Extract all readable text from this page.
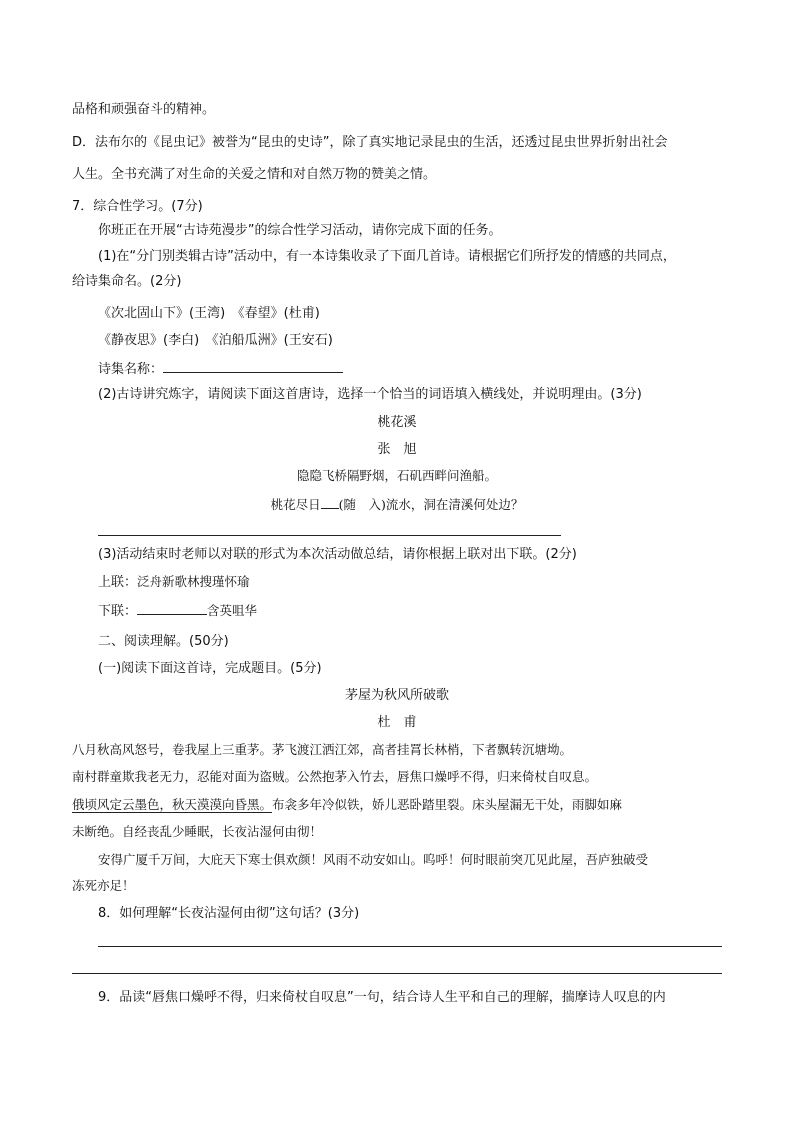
品格和顽强奋斗的精神。
D．法布尔的《昆虫记》被誉为“昆虫的史诗”，除了真实地记录昆虫的生活，还透过昆虫世界折射出社会
人生。全书充满了对生命的关爱之情和对自然万物的赞美之情。
7．综合性学习。(7分)
你班正在开展“古诗苑漫步”的综合性学习活动，请你完成下面的任务。
(1)在“分门别类辑古诗”活动中，有一本诗集收录了下面几首诗。请根据它们所抒发的情感的共同点，
给诗集命名。(2分)
《次北固山下》(王湾)　《春望》(杜甫)
《静夜思》(李白)　《泊船瓜洲》(王安石)
诗集名称：
(2)古诗讲究炼字，请阅读下面这首唐诗，选择一个恰当的词语填入横线处，并说明理由。(3分)
桃花溪
张　旭
隐隐飞桥隔野烟，石矶西畔问渔船。
桃花尽日 (随　入)流水，洞在清溪何处边？
(3)活动结束时老师以对联的形式为本次活动做总结，请你根据上联对出下联。(2分)
上联：泛舟新歌林搜瑾怀瑜
下联：	含英咀华
二、阅读理解。(50分)
(一)阅读下面这首诗，完成题目。(5分)
茅屋为秋风所破歌
杜　甫
八月秋高风怒号，卷我屋上三重茅。茅飞渡江洒江郊，高者挂罥长林梢，下者飘转沉塘坳。
南村群童欺我老无力，忍能对面为盗贼。公然抱茅入竹去，唇焦口燥呼不得，归来倚杖自叹息。
俄顷风定云墨色，秋天漠漠向昏黑。布衾多年冷似铁，娇儿恶卧踏里裂。床头屋漏无干处，雨脚如麻
未断绝。自经丧乱少睡眠，长夜沾湿何由彻！
安得广厦千万间，大庇天下寒士俱欢颜！风雨不动安如山。呜呼！何时眼前突兀见此屋，吾庐独破受
冻死亦足！
8．如何理解“长夜沾湿何由彻”这句话？(3分)
9．品读“唇焦口燥呼不得，归来倚杖自叹息”一句，结合诗人生平和自己的理解，揣摩诗人叹息的内
